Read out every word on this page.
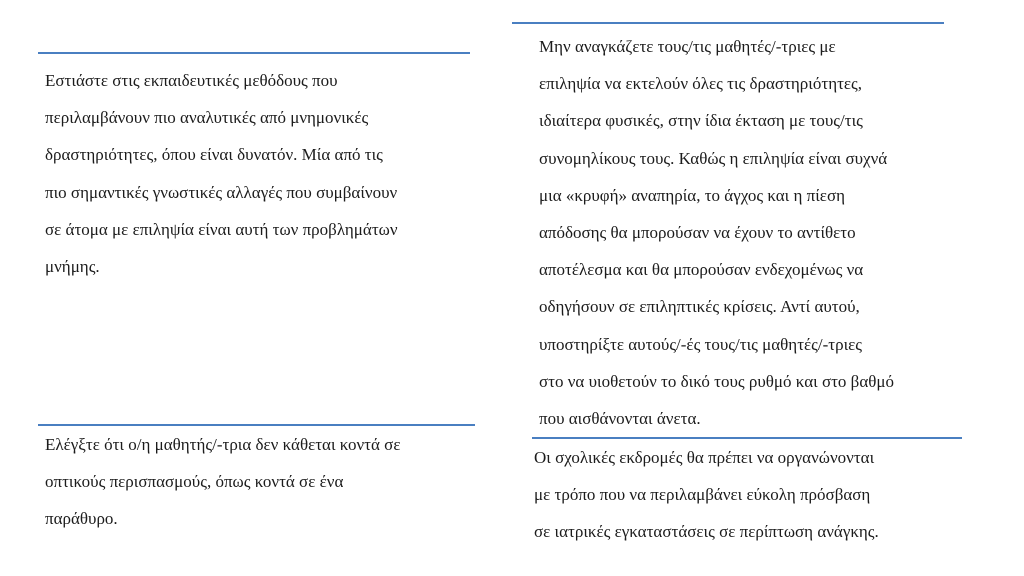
Εστιάστε στις εκπαιδευτικές μεθόδους που
περιλαμβάνουν πιο αναλυτικές από μνημονικές
δραστηριότητες, όπου είναι δυνατόν. Μία από τις
πιο σημαντικές γνωστικές αλλαγές που συμβαίνουν
σε άτομα με επιληψία είναι αυτή των προβλημάτων
μνήμης.

Μην αναγκάζετε τους/τις μαθητές/-τριες με
επιληψία να εκτελούν όλες τις δραστηριότητες,
ιδιαίτερα φυσικές, στην ίδια έκταση με τους/τις
συνομηλίκους τους. Καθώς η επιληψία είναι συχνά
μια «κρυφή» αναπηρία, το άγχος και η πίεση
απόδοσης θα μπορούσαν να έχουν το αντίθετο
αποτέλεσμα και θα μπορούσαν ενδεχομένως να
οδηγήσουν σε επιληπτικές κρίσεις. Αντί αυτού,
υποστηρίξτε αυτούς/-ές τους/τις μαθητές/-τριες
στο να υιοθετούν το δικό τους ρυθμό και στο βαθμό
που αισθάνονται άνετα.

Ελέγξτε ότι ο/η μαθητής/-τρια δεν κάθεται κοντά σε
οπτικούς περισπασμούς, όπως κοντά σε ένα
παράθυρο.

Οι σχολικές εκδρομές θα πρέπει να οργανώνονται
με τρόπο που να περιλαμβάνει εύκολη πρόσβαση
σε ιατρικές εγκαταστάσεις σε περίπτωση ανάγκης.
